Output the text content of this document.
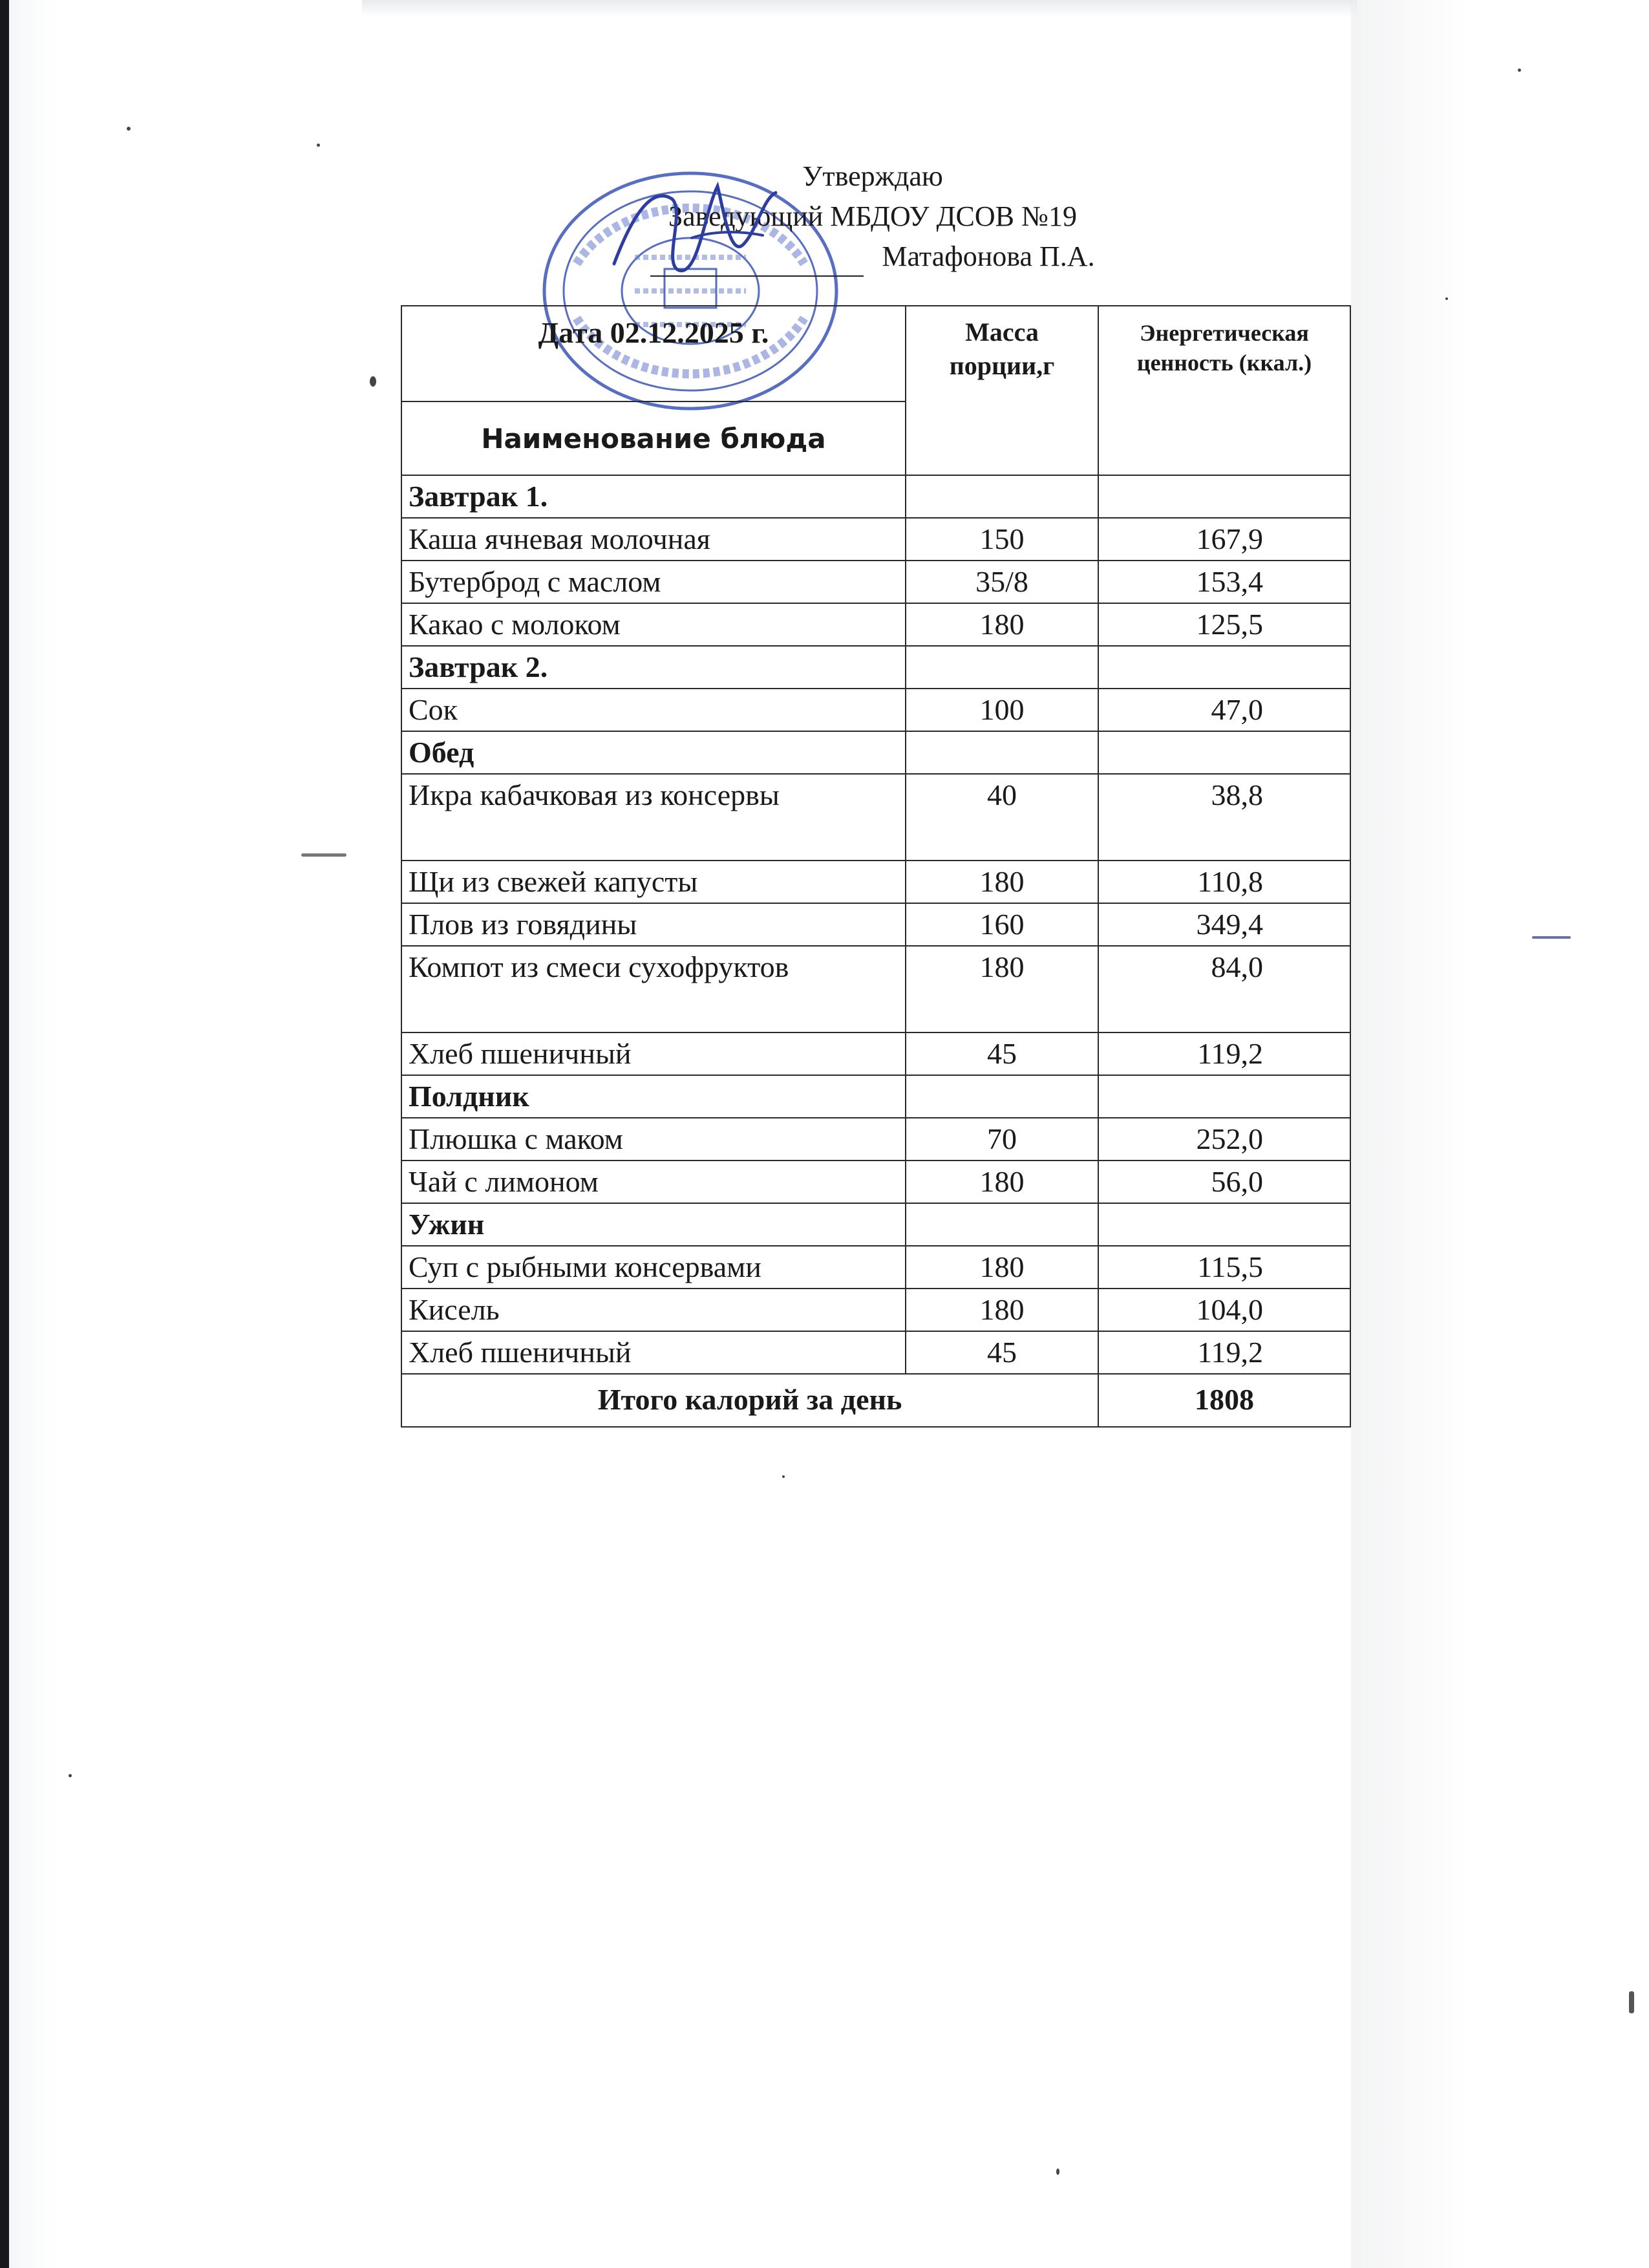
Утверждаю
Заведующий МБДОУ ДСОВ №19
Матафонова П.А.
Дата 02.12.2025 г.	Масса порции,г	Энергетическая ценность (ккал.)
Наименование блюда		
Завтрак 1.		
Каша ячневая молочная	150	167,9
Бутерброд с маслом	35/8	153,4
Какао с молоком	180	125,5
Завтрак 2.		
Сок	100	47,0
Обед		
Икра кабачковая из консервы	40	38,8
Щи из свежей капусты	180	110,8
Плов из говядины	160	349,4
Компот из смеси сухофруктов	180	84,0
Хлеб пшеничный	45	119,2
Полдник		
Плюшка с маком	70	252,0
Чай с лимоном	180	56,0
Ужин		
Суп с рыбными консервами	180	115,5
Кисель	180	104,0
Хлеб пшеничный	45	119,2
Итого калорий за день		1808
